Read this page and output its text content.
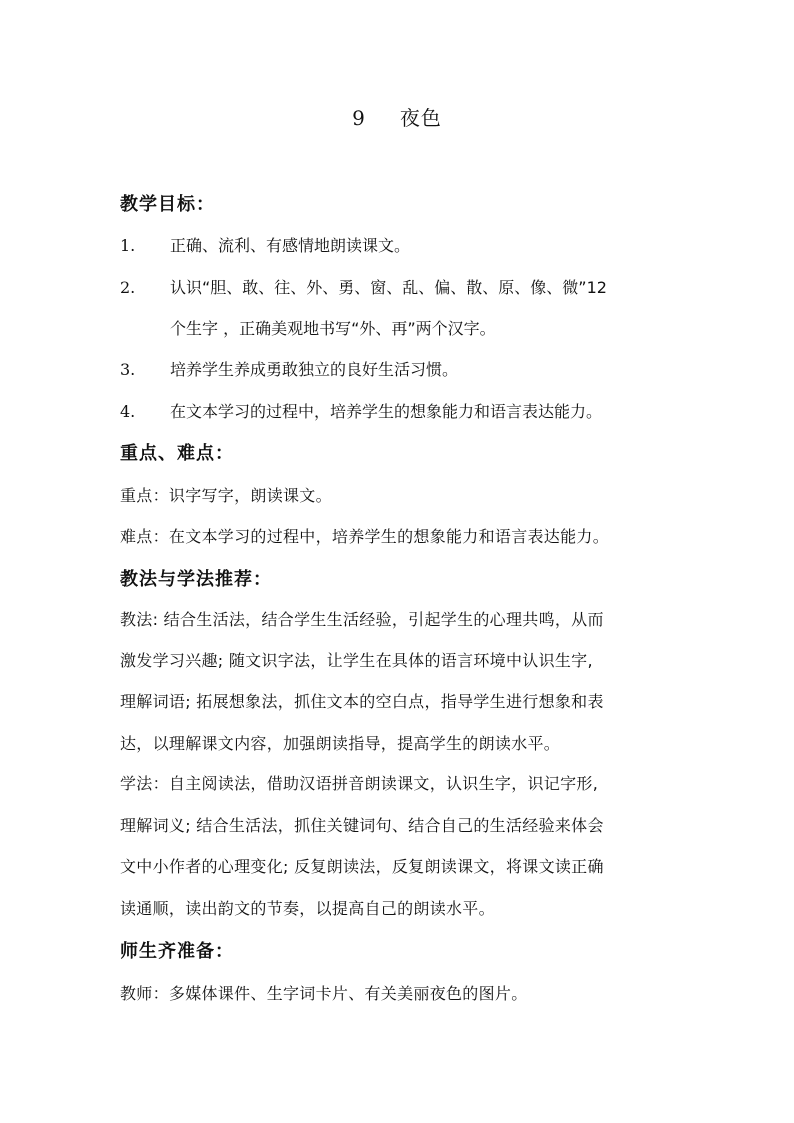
9 夜色
教学目标：
1. 正确、流利、有感情地朗读课文。
2. 认识“胆、敢、往、外、勇、窗、乱、偏、散、原、像、微”12
个生字 ，正确美观地书写“外、再”两个汉字。
3. 培养学生养成勇敢独立的良好生活习惯。
4. 在文本学习的过程中，培养学生的想象能力和语言表达能力。
重点、难点：
重点：识字写字，朗读课文。
难点：在文本学习的过程中，培养学生的想象能力和语言表达能力。
教法与学法推荐：
教法: 结合生活法，结合学生生活经验，引起学生的心理共鸣，从而
激发学习兴趣; 随文识字法，让学生在具体的语言环境中认识生字,
理解词语; 拓展想象法，抓住文本的空白点，指导学生进行想象和表
达，以理解课文内容，加强朗读指导，提高学生的朗读水平。
学法：自主阅读法，借助汉语拼音朗读课文，认识生字，识记字形,
理解词义; 结合生活法，抓住关键词句、结合自己的生活经验来体会
文中小作者的心理变化; 反复朗读法，反复朗读课文，将课文读正确
读通顺，读出韵文的节奏，以提高自己的朗读水平。
师生齐准备：
教师：多媒体课件、生字词卡片、有关美丽夜色的图片。
